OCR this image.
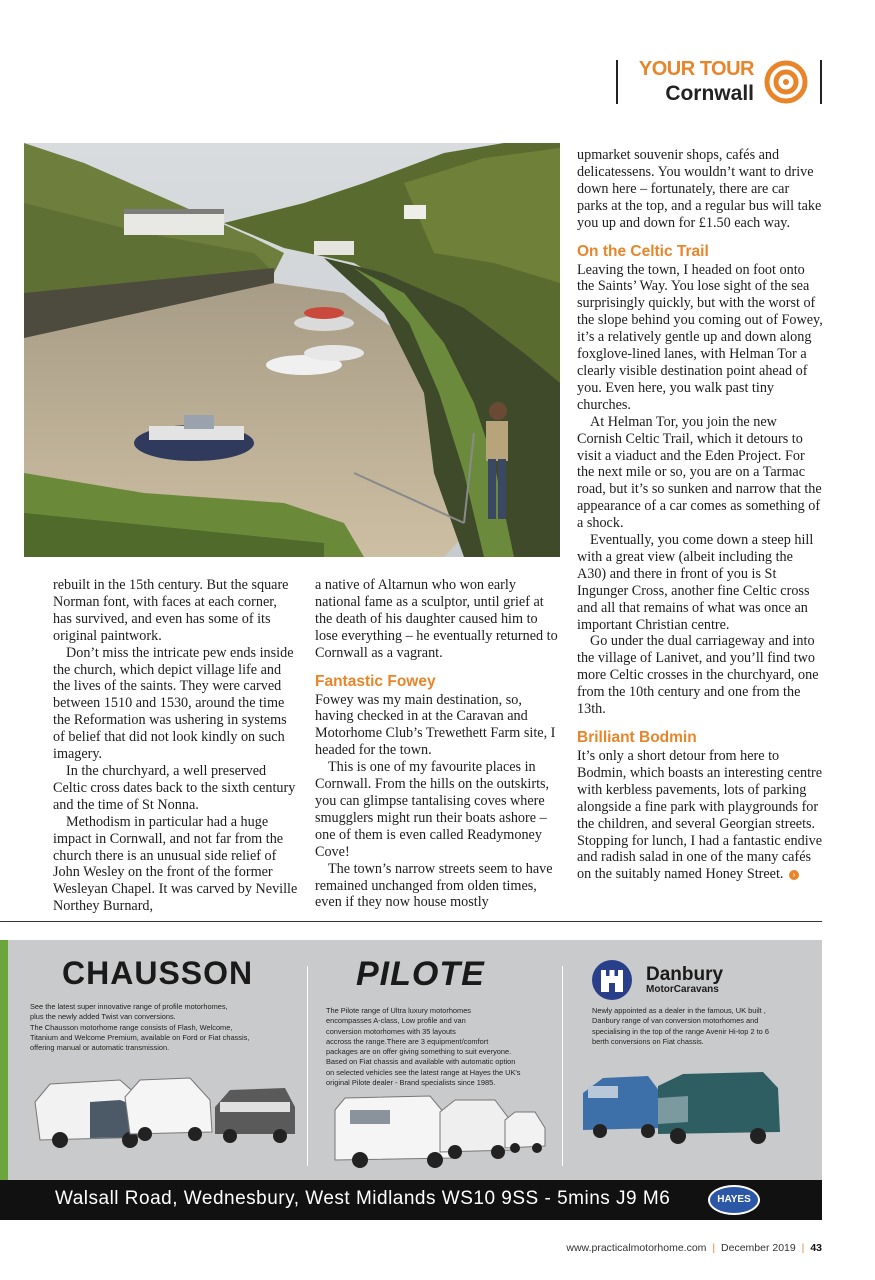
YOUR TOUR
Cornwall

rebuilt in the 15th century. But the square Norman font, with faces at each corner, has survived, and even has some of its original paintwork.

Don’t miss the intricate pew ends inside the church, which depict village life and the lives of the saints. They were carved between 1510 and 1530, around the time the Reformation was ushering in systems of belief that did not look kindly on such imagery.

In the churchyard, a well preserved Celtic cross dates back to the sixth century and the time of St Nonna.

Methodism in particular had a huge impact in Cornwall, and not far from the church there is an unusual side relief of John Wesley on the front of the former Wesleyan Chapel. It was carved by Neville Northey Burnard,

a native of Altarnun who won early national fame as a sculptor, until grief at the death of his daughter caused him to lose everything – he eventually returned to Cornwall as a vagrant.

Fantastic Fowey

Fowey was my main destination, so, having checked in at the Caravan and Motorhome Club’s Trewethett Farm site, I headed for the town.

This is one of my favourite places in Cornwall. From the hills on the outskirts, you can glimpse tantalising coves where smugglers might run their boats ashore – one of them is even called Readymoney Cove!

The town’s narrow streets seem to have remained unchanged from olden times, even if they now house mostly

upmarket souvenir shops, cafés and delicatessens. You wouldn’t want to drive down here – fortunately, there are car parks at the top, and a regular bus will take you up and down for £1.50 each way.

On the Celtic Trail

Leaving the town, I headed on foot onto the Saints’ Way. You lose sight of the sea surprisingly quickly, but with the worst of the slope behind you coming out of Fowey, it’s a relatively gentle up and down along foxglove-lined lanes, with Helman Tor a clearly visible destination point ahead of you. Even here, you walk past tiny churches.

At Helman Tor, you join the new Cornish Celtic Trail, which it detours to visit a viaduct and the Eden Project. For the next mile or so, you are on a Tarmac road, but it’s so sunken and narrow that the appearance of a car comes as something of a shock.

Eventually, you come down a steep hill with a great view (albeit including the A30) and there in front of you is St Ingunger Cross, another fine Celtic cross and all that remains of what was once an important Christian centre.

Go under the dual carriageway and into the village of Lanivet, and you’ll find two more Celtic crosses in the churchyard, one from the 10th century and one from the 13th.

Brilliant Bodmin

It’s only a short detour from here to Bodmin, which boasts an interesting centre with kerbless pavements, lots of parking alongside a fine park with playgrounds for the children, and several Georgian streets. Stopping for lunch, I had a fantastic endive and radish salad in one of the many cafés on the suitably named Honey Street. ›

CHAUSSON
See the latest super innovative range of profile motorhomes,
plus the newly added Twist van conversions.
The Chausson motorhome range consists of Flash, Welcome,
Titanium and Welcome Premium, available on Ford or Fiat chassis,
offering manual or automatic transmission.
PILOTE
The Pilote range of Ultra luxury motorhomes
encompasses A-class, Low profile and van
conversion motorhomes with 35 layouts
accross the range.There are 3 equipment/comfort
packages are on offer giving something to suit everyone.
Based on Fiat chassis and available with automatic option
on selected vehicles see the latest range at Hayes the UK's
original Pilote dealer - Brand specialists since 1985.
Danbury
MotorCaravans
Newly appointed as a dealer in the famous, UK built ,
Danbury range of van conversion motorhomes and
specialising in the top of the range Avenir Hi-top 2 to 6
berth conversions on Fiat chassis.
Walsall Road, Wednesbury, West Midlands WS10 9SS - 5mins J9 M6	HAYES
www.practicalmotorhome.com | December 2019 | 43
